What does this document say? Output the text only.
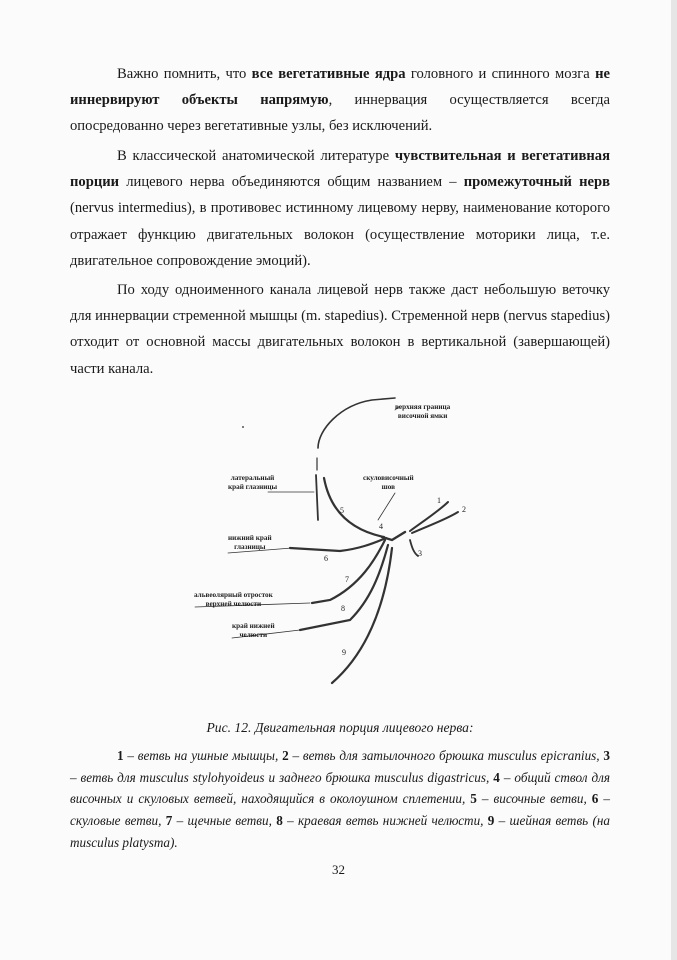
Важно помнить, что все вегетативные ядра головного и спинного мозга не иннервируют объекты напрямую, иннервация осуществляется всегда опосредованно через вегетативные узлы, без исключений.

В классической анатомической литературе чувствительная и вегетативная порции лицевого нерва объединяются общим названием – промежуточный нерв (nervus intermedius), в противовес истинному лицевому нерву, наименование которого отражает функцию двигательных волокон (осуществление моторики лица, т.е. двигательное сопровождение эмоций).

По ходу одноименного канала лицевой нерв также даст небольшую веточку для иннервации стременной мышцы (m. stapedius). Стременной нерв (nervus stapedius) отходит от основной массы двигательных волокон в вертикальной (завершающей) части канала.

верхняя граница
височной ямки
латеральный
край глазницы
скуловисочный
шов
нижний край
глазницы
альвеолярный отросток
верхней челюсти
край нижней
челюсти
1
2
3
4
5
6
7
8
9
Рис. 12. Двигательная порция лицевого нерва:

1 – ветвь на ушные мышцы, 2 – ветвь для затылочного брюшка musculus epicranius, 3 – ветвь для musculus stylohyoideus и заднего брюшка musculus digastricus, 4 – общий ствол для височных и скуловых ветвей, находящийся в околоушном сплетении, 5 – височные ветви, 6 – скуловые ветви, 7 – щечные ветви, 8 – краевая ветвь нижней челюсти, 9 – шейная ветвь (на musculus platysma).

32
